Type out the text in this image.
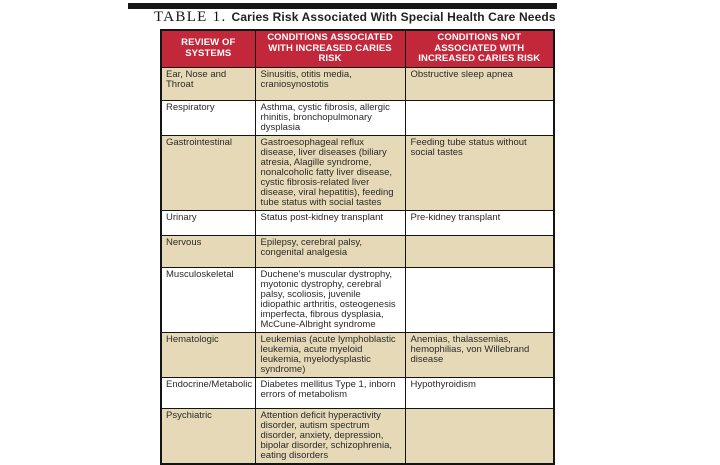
TABLE 1. Caries Risk Associated With Special Health Care Needs
REVIEW OF SYSTEMS	CONDITIONS ASSOCIATED WITH INCREASED CARIES RISK	CONDITIONS NOT ASSOCIATED WITH INCREASED CARIES RISK
Ear, Nose and Throat	Sinusitis, otitis media, craniosynostotis	Obstructive sleep apnea
Respiratory	Asthma, cystic fibrosis, allergic rhinitis, bronchopulmonary dysplasia	
Gastrointestinal	Gastroesophageal reflux disease, liver diseases (biliary atresia, Alagille syndrome, nonalcoholic fatty liver disease, cystic fibrosis-related liver disease, viral hepatitis), feeding tube status with social tastes	Feeding tube status without social tastes
Urinary	Status post-kidney transplant	Pre-kidney transplant
Nervous	Epilepsy, cerebral palsy, congenital analgesia	
Musculoskeletal	Duchene's muscular dystrophy, myotonic dystrophy, cerebral palsy, scoliosis, juvenile idiopathic arthritis, osteogenesis imperfecta, fibrous dysplasia, McCune-Albright syndrome	
Hematologic	Leukemias (acute lymphoblastic leukemia, acute myeloid leukemia, myelodysplastic syndrome)	Anemias, thalassemias, hemophilias, von Willebrand disease
Endocrine/Metabolic	Diabetes mellitus Type 1, inborn errors of metabolism	Hypothyroidism
Psychiatric	Attention deficit hyperactivity disorder, autism spectrum disorder, anxiety, depression, bipolar disorder, schizophrenia, eating disorders	
